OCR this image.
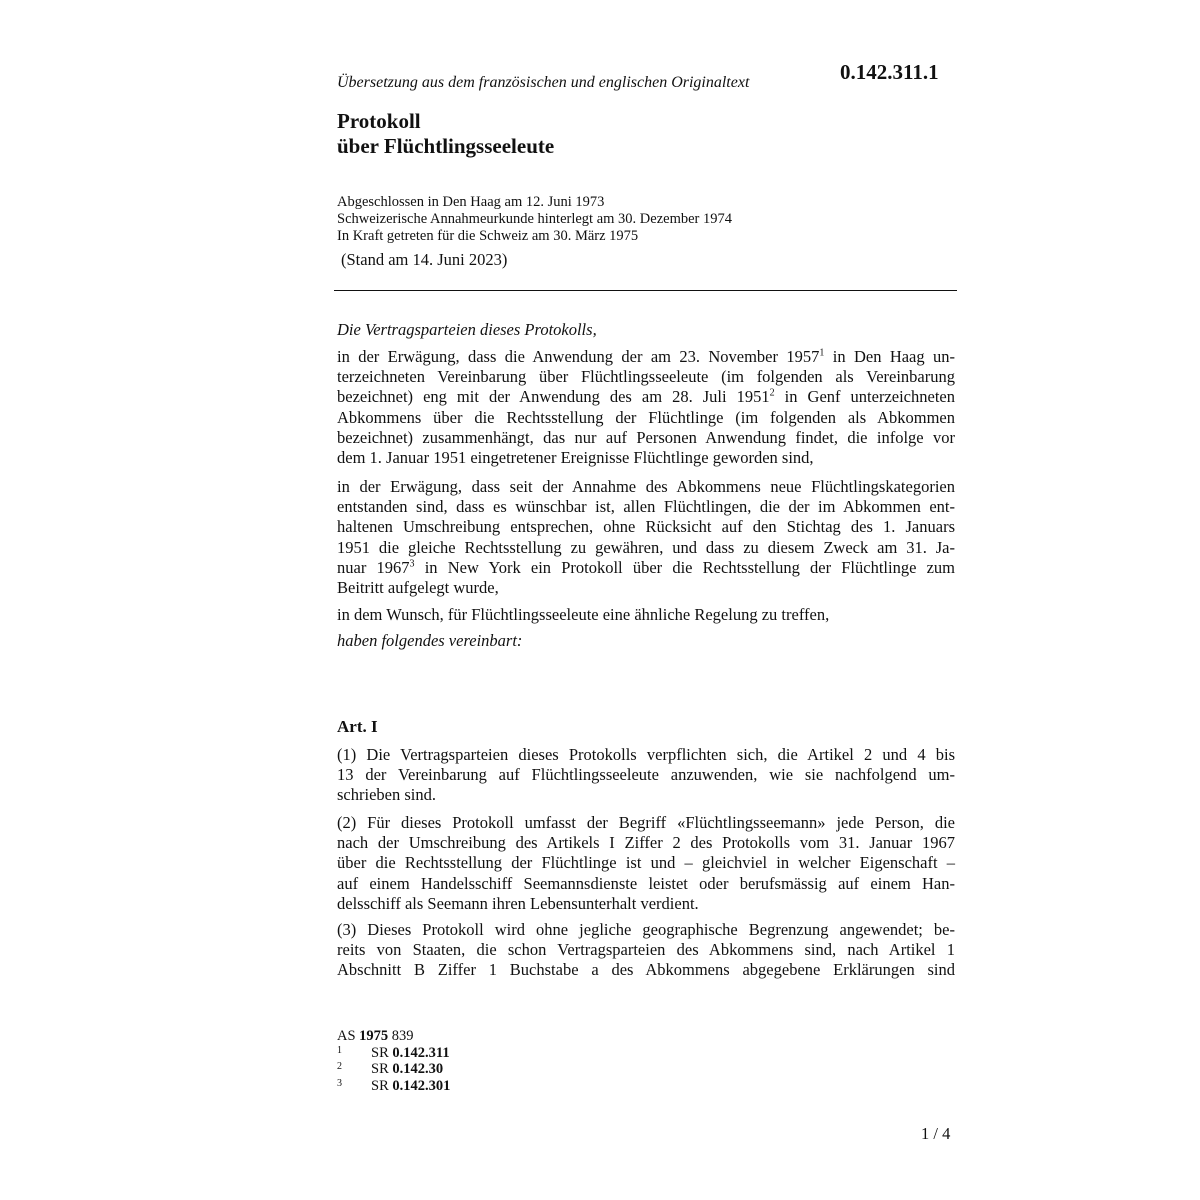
0.142.311.1
Übersetzung aus dem französischen und englischen Originaltext
Protokoll
über Flüchtlingsseeleute
Abgeschlossen in Den Haag am 12. Juni 1973
Schweizerische Annahmeurkunde hinterlegt am 30. Dezember 1974
In Kraft getreten für die Schweiz am 30. März 1975
(Stand am 14. Juni 2023)
Die Vertragsparteien dieses Protokolls,
in der Erwägung, dass die Anwendung der am 23. November 1957$^1$ in Den Haag un-
terzeichneten Vereinbarung über Flüchtlingsseeleute (im folgenden als Vereinbarung
bezeichnet) eng mit der Anwendung des am 28. Juli 1951$^2$ in Genf unterzeichneten
Abkommens über die Rechtsstellung der Flüchtlinge (im folgenden als Abkommen
bezeichnet) zusammenhängt, das nur auf Personen Anwendung findet, die infolge vor
dem 1. Januar 1951 eingetretener Ereignisse Flüchtlinge geworden sind,
in der Erwägung, dass seit der Annahme des Abkommens neue Flüchtlingskategorien
entstanden sind, dass es wünschbar ist, allen Flüchtlingen, die der im Abkommen ent-
haltenen Umschreibung entsprechen, ohne Rücksicht auf den Stichtag des 1. Januars
1951 die gleiche Rechtsstellung zu gewähren, und dass zu diesem Zweck am 31. Ja-
nuar 1967$^3$ in New York ein Protokoll über die Rechtsstellung der Flüchtlinge zum
Beitritt aufgelegt wurde,
in dem Wunsch, für Flüchtlingsseeleute eine ähnliche Regelung zu treffen,
haben folgendes vereinbart:
Art. I
(1) Die Vertragsparteien dieses Protokolls verpflichten sich, die Artikel 2 und 4 bis
13 der Vereinbarung auf Flüchtlingsseeleute anzuwenden, wie sie nachfolgend um-
schrieben sind.
(2) Für dieses Protokoll umfasst der Begriff «Flüchtlingsseemann» jede Person, die
nach der Umschreibung des Artikels I Ziffer 2 des Protokolls vom 31. Januar 1967
über die Rechtsstellung der Flüchtlinge ist und – gleichviel in welcher Eigenschaft –
auf einem Handelsschiff Seemannsdienste leistet oder berufsmässig auf einem Han-
delsschiff als Seemann ihren Lebensunterhalt verdient.
(3) Dieses Protokoll wird ohne jegliche geographische Begrenzung angewendet; be-
reits von Staaten, die schon Vertragsparteien des Abkommens sind, nach Artikel 1
Abschnitt B Ziffer 1 Buchstabe a des Abkommens abgegebene Erklärungen sind
AS 1975 839
1	SR 0.142.311
2	SR 0.142.30
3	SR 0.142.301
1 / 4
